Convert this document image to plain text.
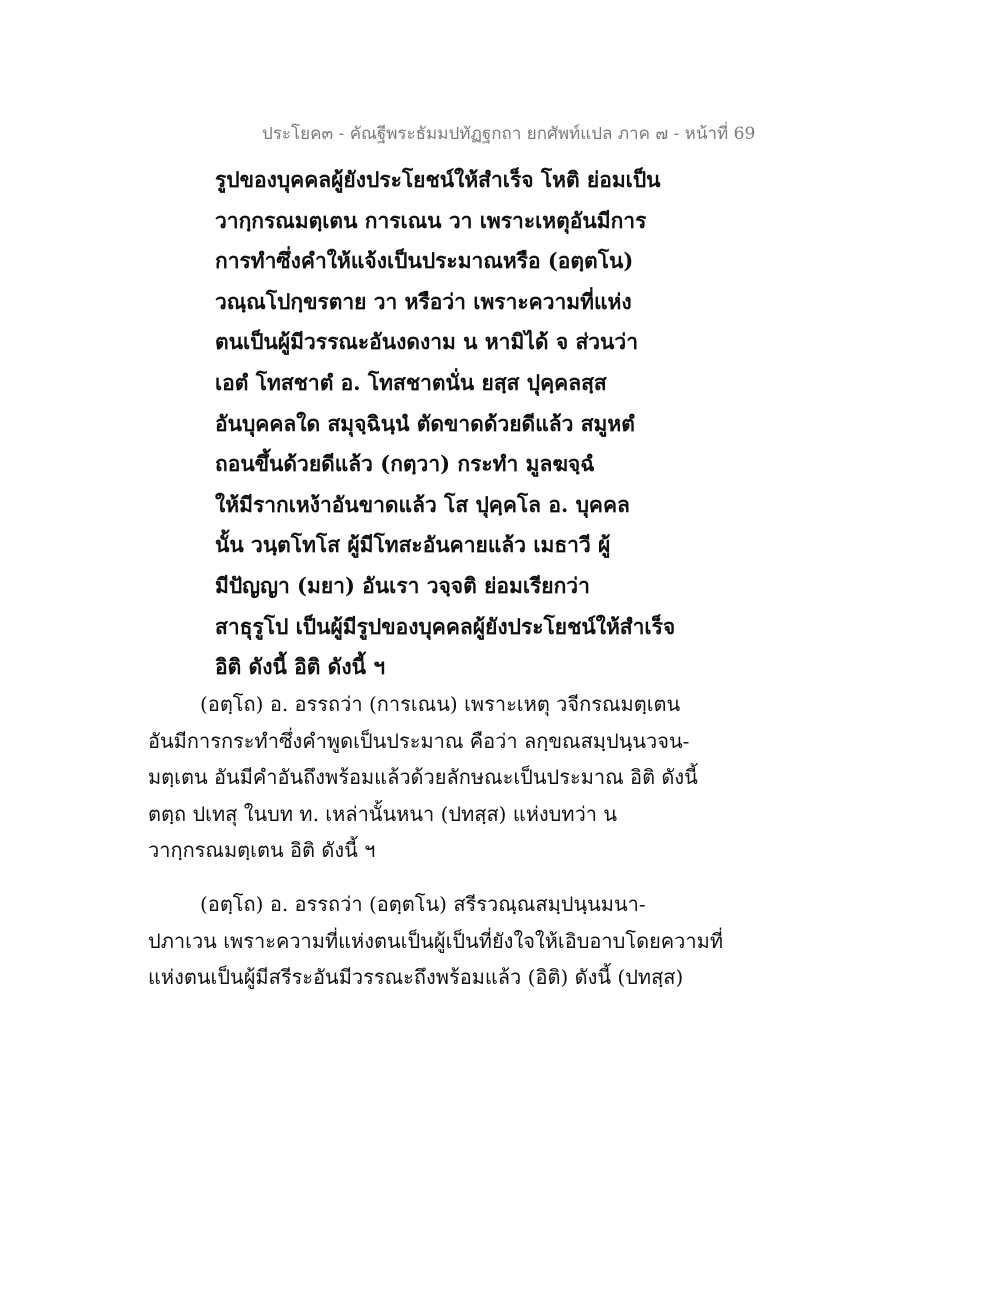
ประโยค๓ - คัณฐีพระธัมมปทัฏฐกถา ยกศัพท์แปล ภาค ๗ - หน้าที่ 69
รูปของบุคคลผู้ยังประโยชน์ให้สำเร็จ โหติ ย่อมเป็น
วากฺกรณมตฺเตน การเณน วา เพราะเหตุอันมีการ
การทำซึ่งคำให้แจ้งเป็นประมาณหรือ (อตฺตโน)
วณฺณโปกฺขรตาย วา หรือว่า เพราะความที่แห่ง
ตนเป็นผู้มีวรรณะอันงดงาม น หามิได้ จ ส่วนว่า
เอตํ โทสชาตํ อ. โทสชาตนั่น ยสฺส ปุคฺคลสฺส
อันบุคคลใด สมุจฺฉินฺนํ ตัดขาดด้วยดีแล้ว สมูหตํ
ถอนขึ้นด้วยดีแล้ว (กตฺวา) กระทำ มูลฆจฺฉํ
ให้มีรากเหง้าอันขาดแล้ว โส ปุคฺคโล อ. บุคคล
นั้น วนฺตโทโส ผู้มีโทสะอันคายแล้ว เมธาวี ผู้
มีปัญญา (มยา) อันเรา วจฺจติ ย่อมเรียกว่า
สาธุรูโป เป็นผู้มีรูปของบุคคลผู้ยังประโยชน์ให้สำเร็จ
อิติ ดังนี้ อิติ ดังนี้ ฯ
(อตฺโถ) อ. อรรถว่า (การเณน) เพราะเหตุ วจีกรณมตฺเตน
อันมีการกระทำซึ่งคำพูดเป็นประมาณ คือว่า ลกฺขณสมฺปนฺนวจน-
มตฺเตน อันมีคำอันถึงพร้อมแล้วด้วยลักษณะเป็นประมาณ อิติ ดังนี้
ตตฺถ ปเทสุ ในบท ท. เหล่านั้นหนา (ปทสฺส) แห่งบทว่า น
วากฺกรณมตฺเตน อิติ ดังนี้ ฯ
(อตฺโถ) อ. อรรถว่า (อตฺตโน) สรีรวณฺณสมฺปนฺนมนา-
ปภาเวน เพราะความที่แห่งตนเป็นผู้เป็นที่ยังใจให้เอิบอาบโดยความที่
แห่งตนเป็นผู้มีสรีระอันมีวรรณะถึงพร้อมแล้ว (อิติ) ดังนี้ (ปทสฺส)
